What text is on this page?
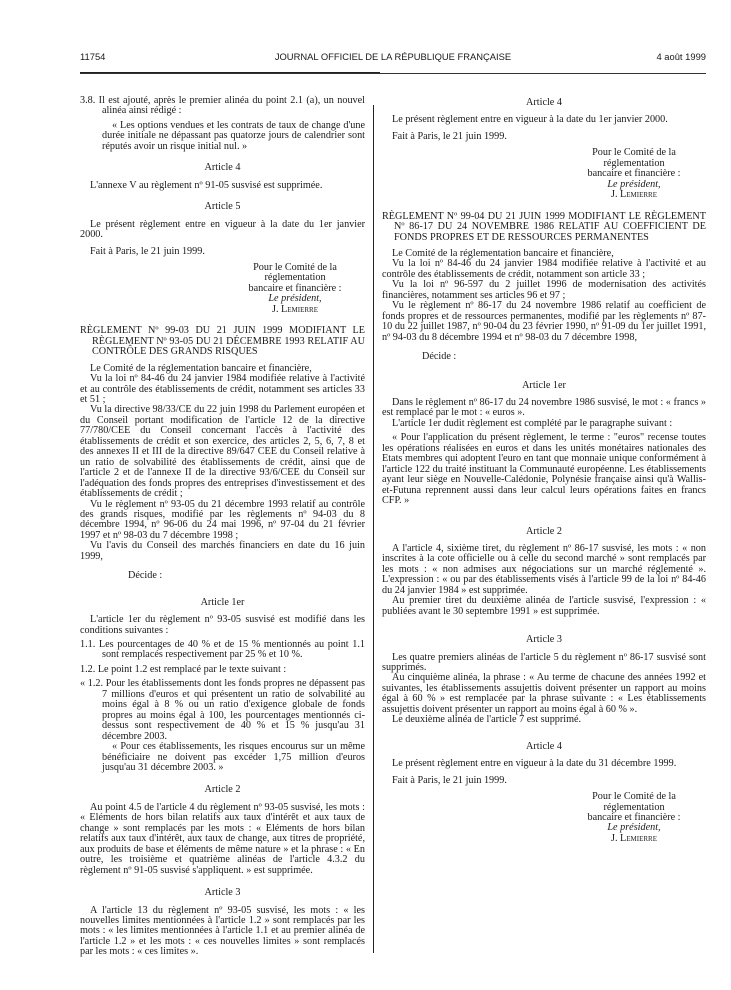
11754	JOURNAL OFFICIEL DE LA RÉPUBLIQUE FRANÇAISE	4 août 1999

3.8. Il est ajouté, après le premier alinéa du point 2.1 (a), un nouvel alinéa ainsi rédigé :

« Les options vendues et les contrats de taux de change d'une durée initiale ne dépassant pas quatorze jours de calendrier sont réputés avoir un risque initial nul. »

Article 4

L'annexe V au règlement nº 91-05 susvisé est supprimée.

Article 5

Le présent règlement entre en vigueur à la date du 1er janvier 2000.

Fait à Paris, le 21 juin 1999.

Pour le Comité de la réglementation

bancaire et financière :

Le président,

J. Lemierre

RÈGLEMENT Nº 99-03 DU 21 JUIN 1999 MODIFIANT LE RÈGLEMENT Nº 93-05 DU 21 DÉCEMBRE 1993 RELATIF AU CONTRÔLE DES GRANDS RISQUES

Le Comité de la réglementation bancaire et financière,

Vu la loi nº 84-46 du 24 janvier 1984 modifiée relative à l'activité et au contrôle des établissements de crédit, notamment ses articles 33 et 51 ;

Vu la directive 98/33/CE du 22 juin 1998 du Parlement européen et du Conseil portant modification de l'article 12 de la directive 77/780/CEE du Conseil concernant l'accès à l'activité des établissements de crédit et son exercice, des articles 2, 5, 6, 7, 8 et des annexes II et III de la directive 89/647 CEE du Conseil relative à un ratio de solvabilité des établissements de crédit, ainsi que de l'article 2 et de l'annexe II de la directive 93/6/CEE du Conseil sur l'adéquation des fonds propres des entreprises d'investissement et des établissements de crédit ;

Vu le règlement nº 93-05 du 21 décembre 1993 relatif au contrôle des grands risques, modifié par les règlements nº 94-03 du 8 décembre 1994, nº 96-06 du 24 mai 1996, nº 97-04 du 21 février 1997 et nº 98-03 du 7 décembre 1998 ;

Vu l'avis du Conseil des marchés financiers en date du 16 juin 1999,

Décide :

Article 1er

L'article 1er du règlement nº 93-05 susvisé est modifié dans les conditions suivantes :

1.1. Les pourcentages de 40 % et de 15 % mentionnés au point 1.1 sont remplacés respectivement par 25 % et 10 %.

1.2. Le point 1.2 est remplacé par le texte suivant :

« 1.2. Pour les établissements dont les fonds propres ne dépassent pas 7 millions d'euros et qui présentent un ratio de solvabilité au moins égal à 8 % ou un ratio d'exigence globale de fonds propres au moins égal à 100, les pourcentages mentionnés ci-dessus sont respectivement de 40 % et 15 % jusqu'au 31 décembre 2003.

« Pour ces établissements, les risques encourus sur un même bénéficiaire ne doivent pas excéder 1,75 million d'euros jusqu'au 31 décembre 2003. »

Article 2

Au point 4.5 de l'article 4 du règlement nº 93-05 susvisé, les mots : « Eléments de hors bilan relatifs aux taux d'intérêt et aux taux de change » sont remplacés par les mots : « Eléments de hors bilan relatifs aux taux d'intérêt, aux taux de change, aux titres de propriété, aux produits de base et éléments de même nature » et la phrase : « En outre, les troisième et quatrième alinéas de l'article 4.3.2 du règlement nº 91-05 susvisé s'appliquent. » est supprimée.

Article 3

A l'article 13 du règlement nº 93-05 susvisé, les mots : « les nouvelles limites mentionnées à l'article 1.2 » sont remplacés par les mots : « les limites mentionnées à l'article 1.1 et au premier alinéa de l'article 1.2 » et les mots : « ces nouvelles limites » sont remplacés par les mots : « ces limites ».

Article 4

Le présent règlement entre en vigueur à la date du 1er janvier 2000.

Fait à Paris, le 21 juin 1999.

Pour le Comité de la réglementation

bancaire et financière :

Le président,

J. Lemierre

RÈGLEMENT Nº 99-04 DU 21 JUIN 1999 MODIFIANT LE RÈGLEMENT Nº 86-17 DU 24 NOVEMBRE 1986 RELATIF AU COEFFICIENT DE FONDS PROPRES ET DE RESSOURCES PERMANENTES

Le Comité de la réglementation bancaire et financière,

Vu la loi nº 84-46 du 24 janvier 1984 modifiée relative à l'activité et au contrôle des établissements de crédit, notamment son article 33 ;

Vu la loi nº 96-597 du 2 juillet 1996 de modernisation des activités financières, notamment ses articles 96 et 97 ;

Vu le règlement nº 86-17 du 24 novembre 1986 relatif au coefficient de fonds propres et de ressources permanentes, modifié par les règlements nº 87-10 du 22 juillet 1987, nº 90-04 du 23 février 1990, nº 91-09 du 1er juillet 1991, nº 94-03 du 8 décembre 1994 et nº 98-03 du 7 décembre 1998,

Décide :

Article 1er

Dans le règlement nº 86-17 du 24 novembre 1986 susvisé, le mot : « francs » est remplacé par le mot : « euros ».

L'article 1er dudit règlement est complété par le paragraphe suivant :

« Pour l'application du présent règlement, le terme : "euros" recense toutes les opérations réalisées en euros et dans les unités monétaires nationales des Etats membres qui adoptent l'euro en tant que monnaie unique conformément à l'article 122 du traité instituant la Communauté européenne. Les établissements ayant leur siège en Nouvelle-Calédonie, Polynésie française ainsi qu'à Wallis-et-Futuna reprennent aussi dans leur calcul leurs opérations faites en francs CFP. »

Article 2

A l'article 4, sixième tiret, du règlement nº 86-17 susvisé, les mots : « non inscrites à la cote officielle ou à celle du second marché » sont remplacés par les mots : « non admises aux négociations sur un marché réglementé ». L'expression : « ou par des établissements visés à l'article 99 de la loi nº 84-46 du 24 janvier 1984 » est supprimée.

Au premier tiret du deuxième alinéa de l'article susvisé, l'expression : « publiées avant le 30 septembre 1991 » est supprimée.

Article 3

Les quatre premiers alinéas de l'article 5 du règlement nº 86-17 susvisé sont supprimés.

Au cinquième alinéa, la phrase : « Au terme de chacune des années 1992 et suivantes, les établissements assujettis doivent présenter un rapport au moins égal à 60 % » est remplacée par la phrase suivante : « Les établissements assujettis doivent présenter un rapport au moins égal à 60 % ».

Le deuxième alinéa de l'article 7 est supprimé.

Article 4

Le présent règlement entre en vigueur à la date du 31 décembre 1999.

Fait à Paris, le 21 juin 1999.

Pour le Comité de la réglementation

bancaire et financière :

Le président,

J. Lemierre
